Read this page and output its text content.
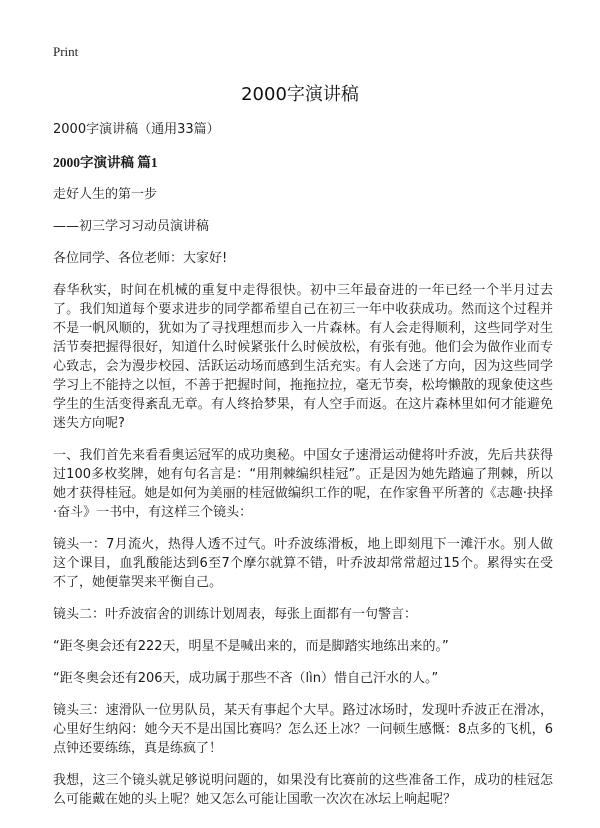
Print
2000字演讲稿

2000字演讲稿（通用33篇）

2000字演讲稿 篇1

走好人生的第一步

——初三学习习动员演讲稿

各位同学、各位老师：大家好!

春华秋实，时间在机械的重复中走得很快。初中三年最奋进的一年已经一个半月过去了。我们知道每个要求进步的同学都希望自己在初三一年中收获成功。然而这个过程并不是一帆风顺的，犹如为了寻找理想而步入一片森林。有人会走得顺利，这些同学对生活节奏把握得很好，知道什么时候紧张什么时候放松，有张有弛。他们会为做作业而专心致志，会为漫步校园、活跃运动场而感到生活充实。有人会迷了方向，因为这些同学学习上不能持之以恒，不善于把握时间，拖拖拉拉，毫无节奏，松垮懒散的现象使这些学生的生活变得紊乱无章。有人终拾梦果，有人空手而返。在这片森林里如何才能避免迷失方向呢?

一、我们首先来看看奥运冠军的成功奥秘。中国女子速滑运动健将叶乔波，先后共获得过100多枚奖牌，她有句名言是：“用荆棘编织桂冠”。正是因为她先踏遍了荆棘，所以她才获得桂冠。她是如何为美丽的桂冠做编织工作的呢，在作家鲁平所著的《志趣·抉择·奋斗》一书中，有这样三个镜头：

镜头一：7月流火，热得人透不过气。叶乔波练滑板，地上即刻甩下一滩汗水。别人做这个课目，血乳酸能达到6至7个摩尔就算不错，叶乔波却常常超过15个。累得实在受不了，她便靠哭来平衡自己。

镜头二：叶乔波宿舍的训练计划周表，每张上面都有一句警言：

“距冬奥会还有222天，明星不是喊出来的，而是脚踏实地练出来的。”

“距冬奥会还有206天，成功属于那些不吝（lìn）惜自己汗水的人。”

镜头三：速滑队一位男队员，某天有事起个大早。路过冰场时，发现叶乔波正在滑冰，心里好生纳闷：她今天不是出国比赛吗？怎么还上冰？一问顿生感慨：8点多的飞机，6点钟还要练练，真是练疯了！

我想，这三个镜头就足够说明问题的，如果没有比赛前的这些准备工作，成功的桂冠怎么可能戴在她的头上呢？她又怎么可能让国歌一次次在冰坛上响起呢？
